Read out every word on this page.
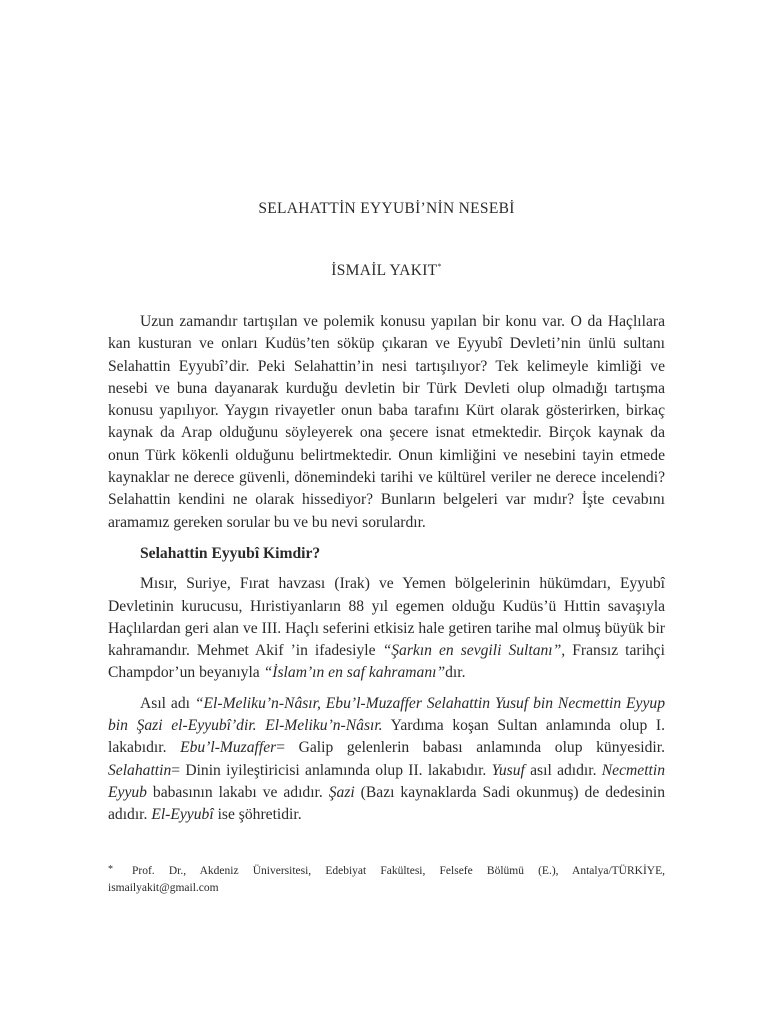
SELAHATTİN EYYUBİ’NİN NESEBİ
İSMAİL YAKIT*

Uzun zamandır tartışılan ve polemik konusu yapılan bir konu var. O da Haçlılara kan kusturan ve onları Kudüs’ten söküp çıkaran ve Eyyubî Devleti’nin ünlü sultanı Selahattin Eyyubî’dir. Peki Selahattin’in nesi tartışılıyor? Tek kelimeyle kimliği ve nesebi ve buna dayanarak kurduğu devletin bir Türk Devleti olup olmadığı tartışma konusu yapılıyor. Yaygın rivayetler onun baba tarafını Kürt olarak gösterirken, birkaç kaynak da Arap olduğunu söyleyerek ona şecere isnat etmektedir. Birçok kaynak da onun Türk kökenli olduğunu belirtmektedir. Onun kimliğini ve nesebini tayin etmede kaynaklar ne derece güvenli, dönemindeki tarihi ve kültürel veriler ne derece incelendi? Selahattin kendini ne olarak hissediyor? Bunların belgeleri var mıdır? İşte cevabını aramamız gereken sorular bu ve bu nevi sorulardır.

Selahattin Eyyubî Kimdir?

Mısır, Suriye, Fırat havzası (Irak) ve Yemen bölgelerinin hükümdarı, Eyyubî Devletinin kurucusu, Hıristiyanların 88 yıl egemen olduğu Kudüs’ü Hıttin savaşıyla Haçlılardan geri alan ve III. Haçlı seferini etkisiz hale getiren tarihe mal olmuş büyük bir kahramandır. Mehmet Akif ’in ifadesiyle “Şarkın en sevgili Sultanı”, Fransız tarihçi Champdor’un beyanıyla “İslam’ın en saf kahramanı”dır.

Asıl adı “El-Meliku’n-Nâsır, Ebu’l-Muzaffer Selahattin Yusuf bin Necmettin Eyyup bin Şazi el-Eyyubî’dir. El-Meliku’n-Nâsır. Yardıma koşan Sultan anlamında olup I. lakabıdır. Ebu’l-Muzaffer= Galip gelenlerin babası anlamında olup künyesidir. Selahattin= Dinin iyileştiricisi anlamında olup II. lakabıdır. Yusuf asıl adıdır. Necmettin Eyyub babasının lakabı ve adıdır. Şazi (Bazı kaynaklarda Sadi okunmuş) de dedesinin adıdır. El-Eyyubî ise şöhretidir.

* Prof. Dr., Akdeniz Üniversitesi, Edebiyat Fakültesi, Felsefe Bölümü (E.), Antalya/TÜRKİYE, ismailyakit@gmail.com
